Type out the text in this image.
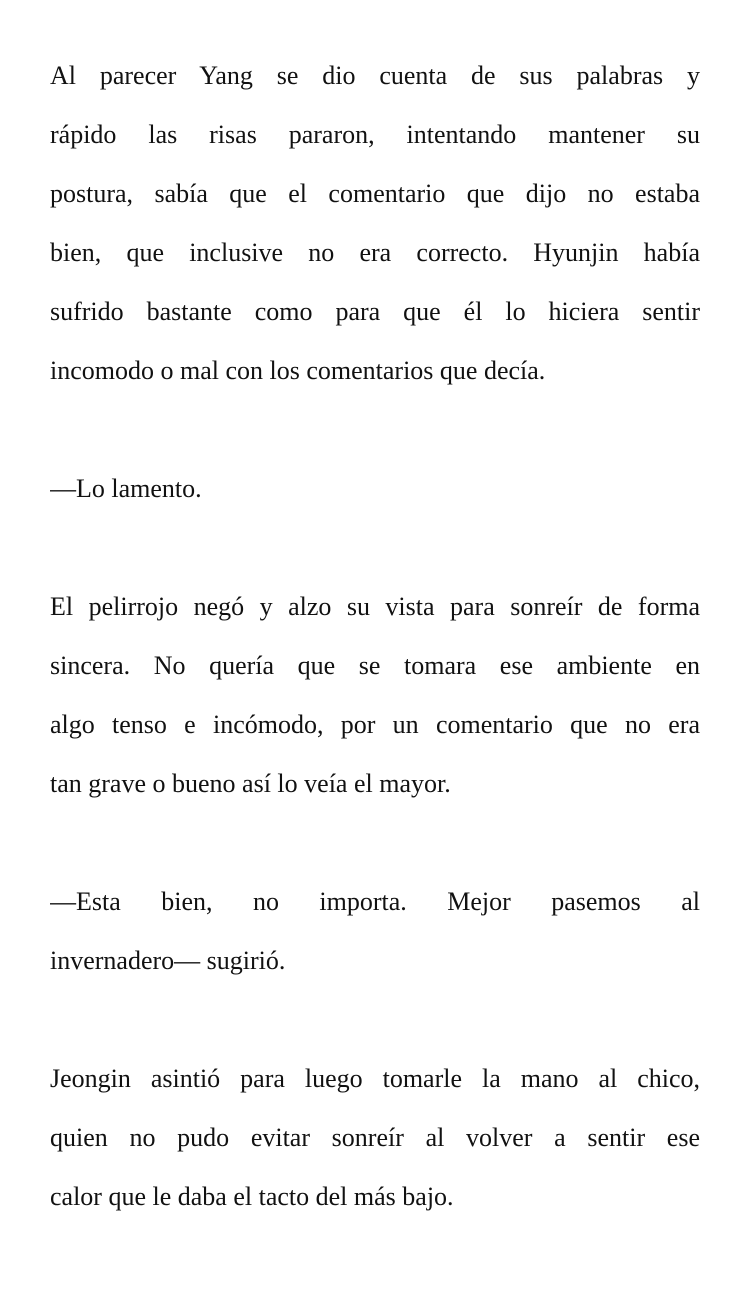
Al parecer Yang se dio cuenta de sus palabras y
rápido las risas pararon, intentando mantener su
postura, sabía que el comentario que dijo no estaba
bien, que inclusive no era correcto. Hyunjin había
sufrido bastante como para que él lo hiciera sentir
incomodo o mal con los comentarios que decía.
—Lo lamento.
El pelirrojo negó y alzo su vista para sonreír de forma
sincera. No quería que se tomara ese ambiente en
algo tenso e incómodo, por un comentario que no era
tan grave o bueno así lo veía el mayor.
—Esta bien, no importa. Mejor pasemos al
invernadero— sugirió.
Jeongin asintió para luego tomarle la mano al chico,
quien no pudo evitar sonreír al volver a sentir ese
calor que le daba el tacto del más bajo.
